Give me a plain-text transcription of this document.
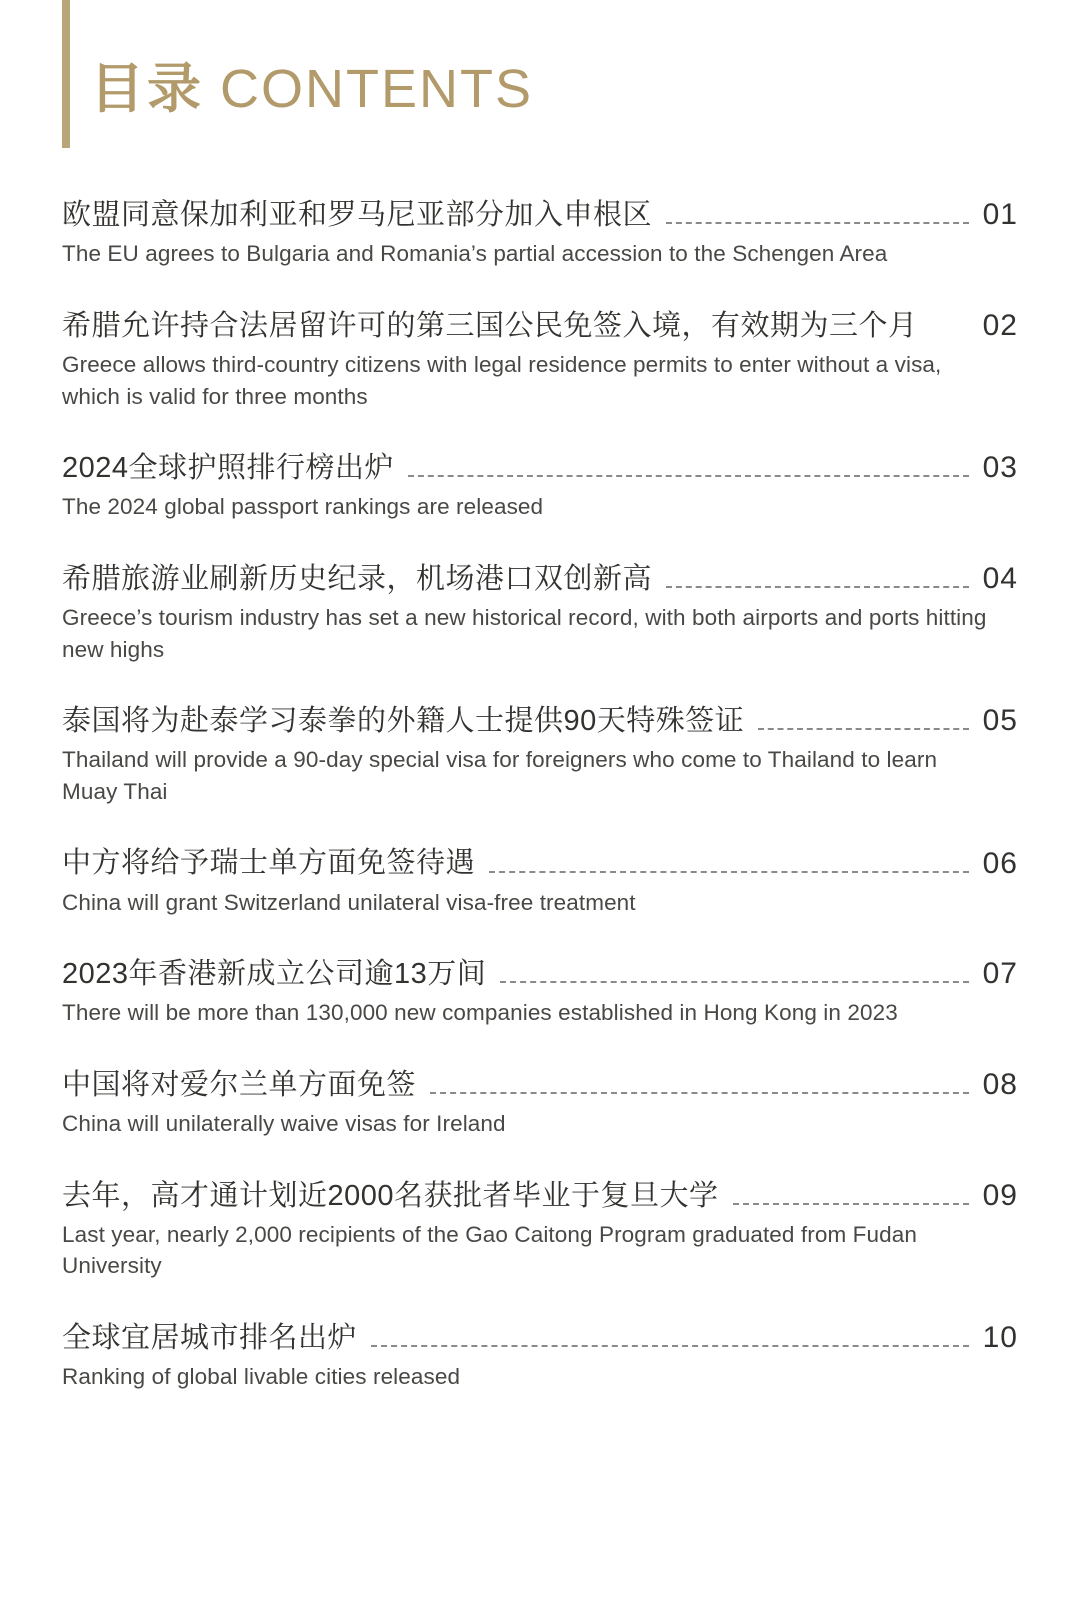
目录 CONTENTS
欧盟同意保加利亚和罗马尼亚部分加入申根区	01
The EU agrees to Bulgaria and Romania’s partial accession to the Schengen Area
希腊允许持合法居留许可的第三国公民免签入境，有效期为三个月 02
Greece allows third-country citizens with legal residence permits to enter without a visa, which is valid for three months
2024全球护照排行榜出炉	03
The 2024 global passport rankings are released
希腊旅游业刷新历史纪录，机场港口双创新高	04
Greece’s tourism industry has set a new historical record, with both airports and ports hitting new highs
泰国将为赴泰学习泰拳的外籍人士提供90天特殊签证	05
Thailand will provide a 90-day special visa for foreigners who come to Thailand to learn Muay Thai
中方将给予瑞士单方面免签待遇	06
China will grant Switzerland unilateral visa-free treatment
2023年香港新成立公司逾13万间	07
There will be more than 130,000 new companies established in Hong Kong in 2023
中国将对爱尔兰单方面免签	08
China will unilaterally waive visas for Ireland
去年，高才通计划近2000名获批者毕业于复旦大学	09
Last year, nearly 2,000 recipients of the Gao Caitong Program graduated from Fudan University
全球宜居城市排名出炉	10
Ranking of global livable cities released
